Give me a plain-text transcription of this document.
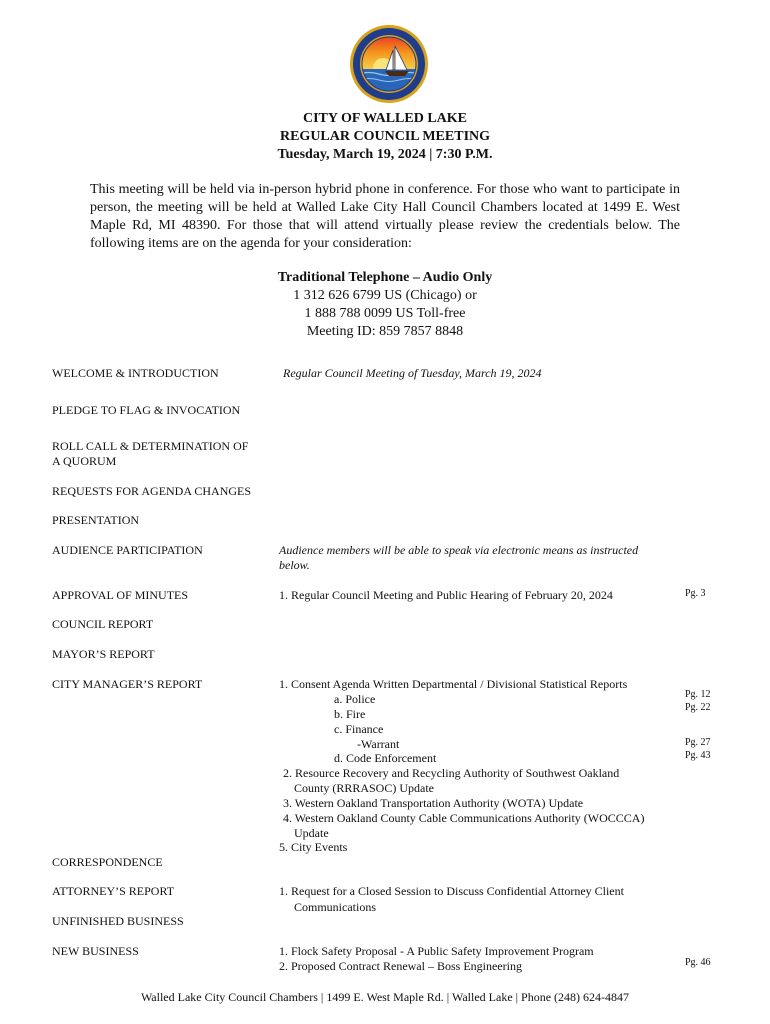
CITY OF WALLED LAKE
REGULAR COUNCIL MEETING
Tuesday, March 19, 2024 | 7:30 P.M.
This meeting will be held via in-person hybrid phone in conference. For those who want to participate in person, the meeting will be held at Walled Lake City Hall Council Chambers located at 1499 E. West Maple Rd, MI 48390. For those that will attend virtually please review the credentials below. The following items are on the agenda for your consideration:
Traditional Telephone – Audio Only
1 312 626 6799 US (Chicago) or
1 888 788 0099 US Toll-free
Meeting ID: 859 7857 8848
WELCOME & INTRODUCTION
PLEDGE TO FLAG & INVOCATION
ROLL CALL & DETERMINATION OF
A QUORUM
REQUESTS FOR AGENDA CHANGES
PRESENTATION
AUDIENCE PARTICIPATION
APPROVAL OF MINUTES
COUNCIL REPORT
MAYOR’S REPORT
CITY MANAGER’S REPORT
CORRESPONDENCE
ATTORNEY’S REPORT
UNFINISHED BUSINESS
NEW BUSINESS
Regular Council Meeting of Tuesday, March 19, 2024
Audience members will be able to speak via electronic means as instructed
below.
1. Regular Council Meeting and Public Hearing of February 20, 2024
1. Consent Agenda Written Departmental / Divisional Statistical Reports
a. Police
b. Fire
c. Finance
-Warrant
d. Code Enforcement
2. Resource Recovery and Recycling Authority of Southwest Oakland
County (RRRASOC) Update
3. Western Oakland Transportation Authority (WOTA) Update
4. Western Oakland County Cable Communications Authority (WOCCCA)
Update
5. City Events
1. Request for a Closed Session to Discuss Confidential Attorney Client
Communications
1. Flock Safety Proposal - A Public Safety Improvement Program
2. Proposed Contract Renewal – Boss Engineering
Pg. 3
Pg. 12
Pg. 22
Pg. 27
Pg. 43
Pg. 46
Walled Lake City Council Chambers | 1499 E. West Maple Rd. | Walled Lake | Phone (248) 624-4847
